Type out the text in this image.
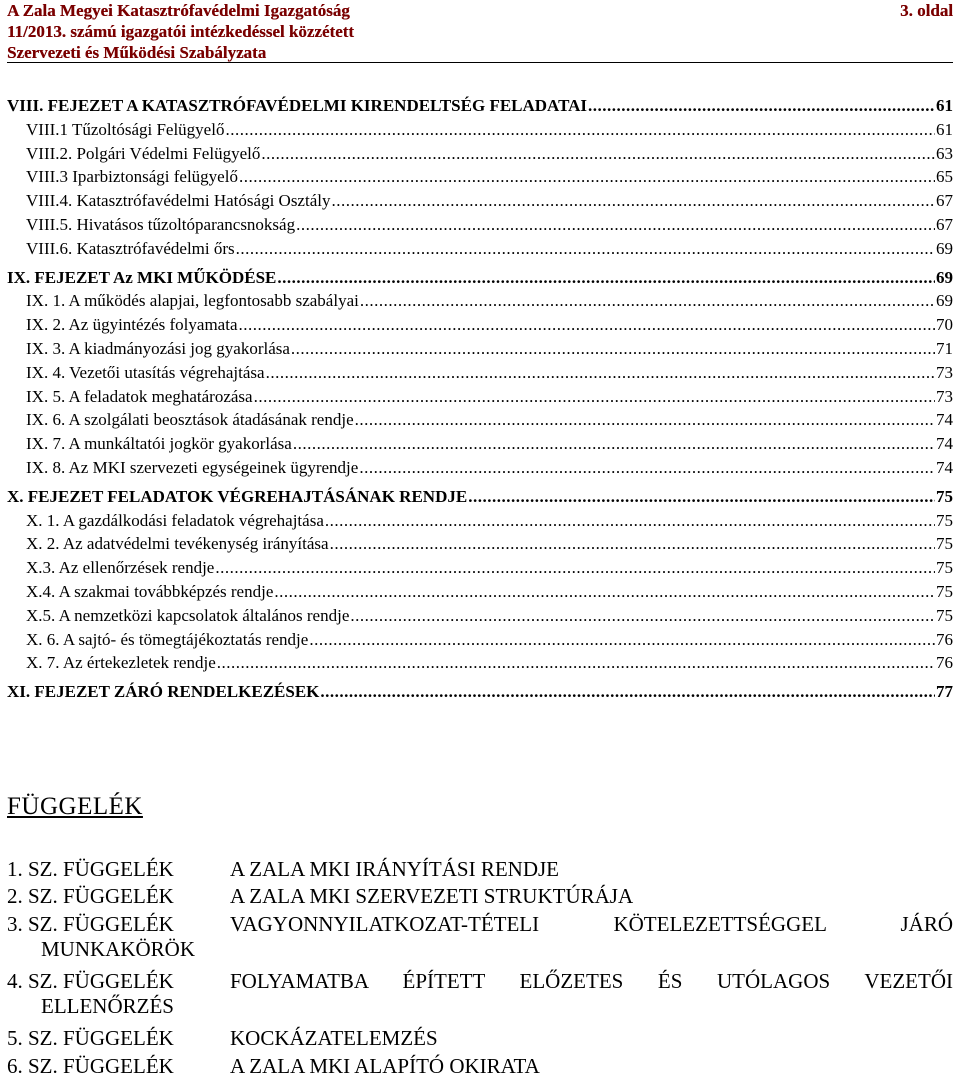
A Zala Megyei Katasztrófavédelmi Igazgatóság	3. oldal
11/2013. számú igazgatói intézkedéssel közzétett
Szervezeti és Működési Szabályzata
VIII. FEJEZET A KATASZTRÓFAVÉDELMI KIRENDELTSÉG FELADATAI .....	61
VIII.1 Tűzoltósági Felügyelő .....	61
VIII.2. Polgári Védelmi Felügyelő .....	63
VIII.3 Iparbiztonsági felügyelő .....	65
VIII.4. Katasztrófavédelmi Hatósági Osztály .....	67
VIII.5. Hivatásos tűzoltóparancsnokság .....	67
VIII.6. Katasztrófavédelmi őrs .....	69
IX. FEJEZET Az MKI MŰKÖDÉSE .....	69
IX. 1. A működés alapjai, legfontosabb szabályai .....	69
IX. 2. Az ügyintézés folyamata .....	70
IX. 3. A kiadmányozási jog gyakorlása .....	71
IX. 4. Vezetői utasítás végrehajtása .....	73
IX. 5. A feladatok meghatározása .....	73
IX. 6. A szolgálati beosztások átadásának rendje .....	74
IX. 7. A munkáltatói jogkör gyakorlása .....	74
IX. 8. Az MKI szervezeti egységeinek ügyrendje .....	74
X. FEJEZET FELADATOK VÉGREHAJTÁSÁNAK RENDJE .....	75
X. 1. A gazdálkodási feladatok végrehajtása .....	75
X. 2. Az adatvédelmi tevékenység irányítása .....	75
X.3. Az ellenőrzések rendje .....	75
X.4. A szakmai továbbképzés rendje .....	75
X.5. A nemzetközi kapcsolatok általános rendje .....	75
X. 6. A sajtó- és tömegtájékoztatás rendje .....	76
X. 7. Az értekezletek rendje .....	76
XI. FEJEZET ZÁRÓ RENDELKEZÉSEK .....	77
FÜGGELÉK
1. SZ. FÜGGELÉK	A ZALA MKI IRÁNYÍTÁSI RENDJE
2. SZ. FÜGGELÉK	A ZALA MKI SZERVEZETI STRUKTÚRÁJA
3. SZ. FÜGGELÉK	VAGYONNYILATKOZAT-TÉTELI KÖTELEZETTSÉGGEL JÁRÓ
MUNKAKÖRÖK
4. SZ. FÜGGELÉK	FOLYAMATBA ÉPÍTETT ELŐZETES ÉS UTÓLAGOS VEZETŐI
ELLENŐRZÉS
5. SZ. FÜGGELÉK	KOCKÁZATELEMZÉS
6. SZ. FÜGGELÉK	A ZALA MKI ALAPÍTÓ OKIRATA
